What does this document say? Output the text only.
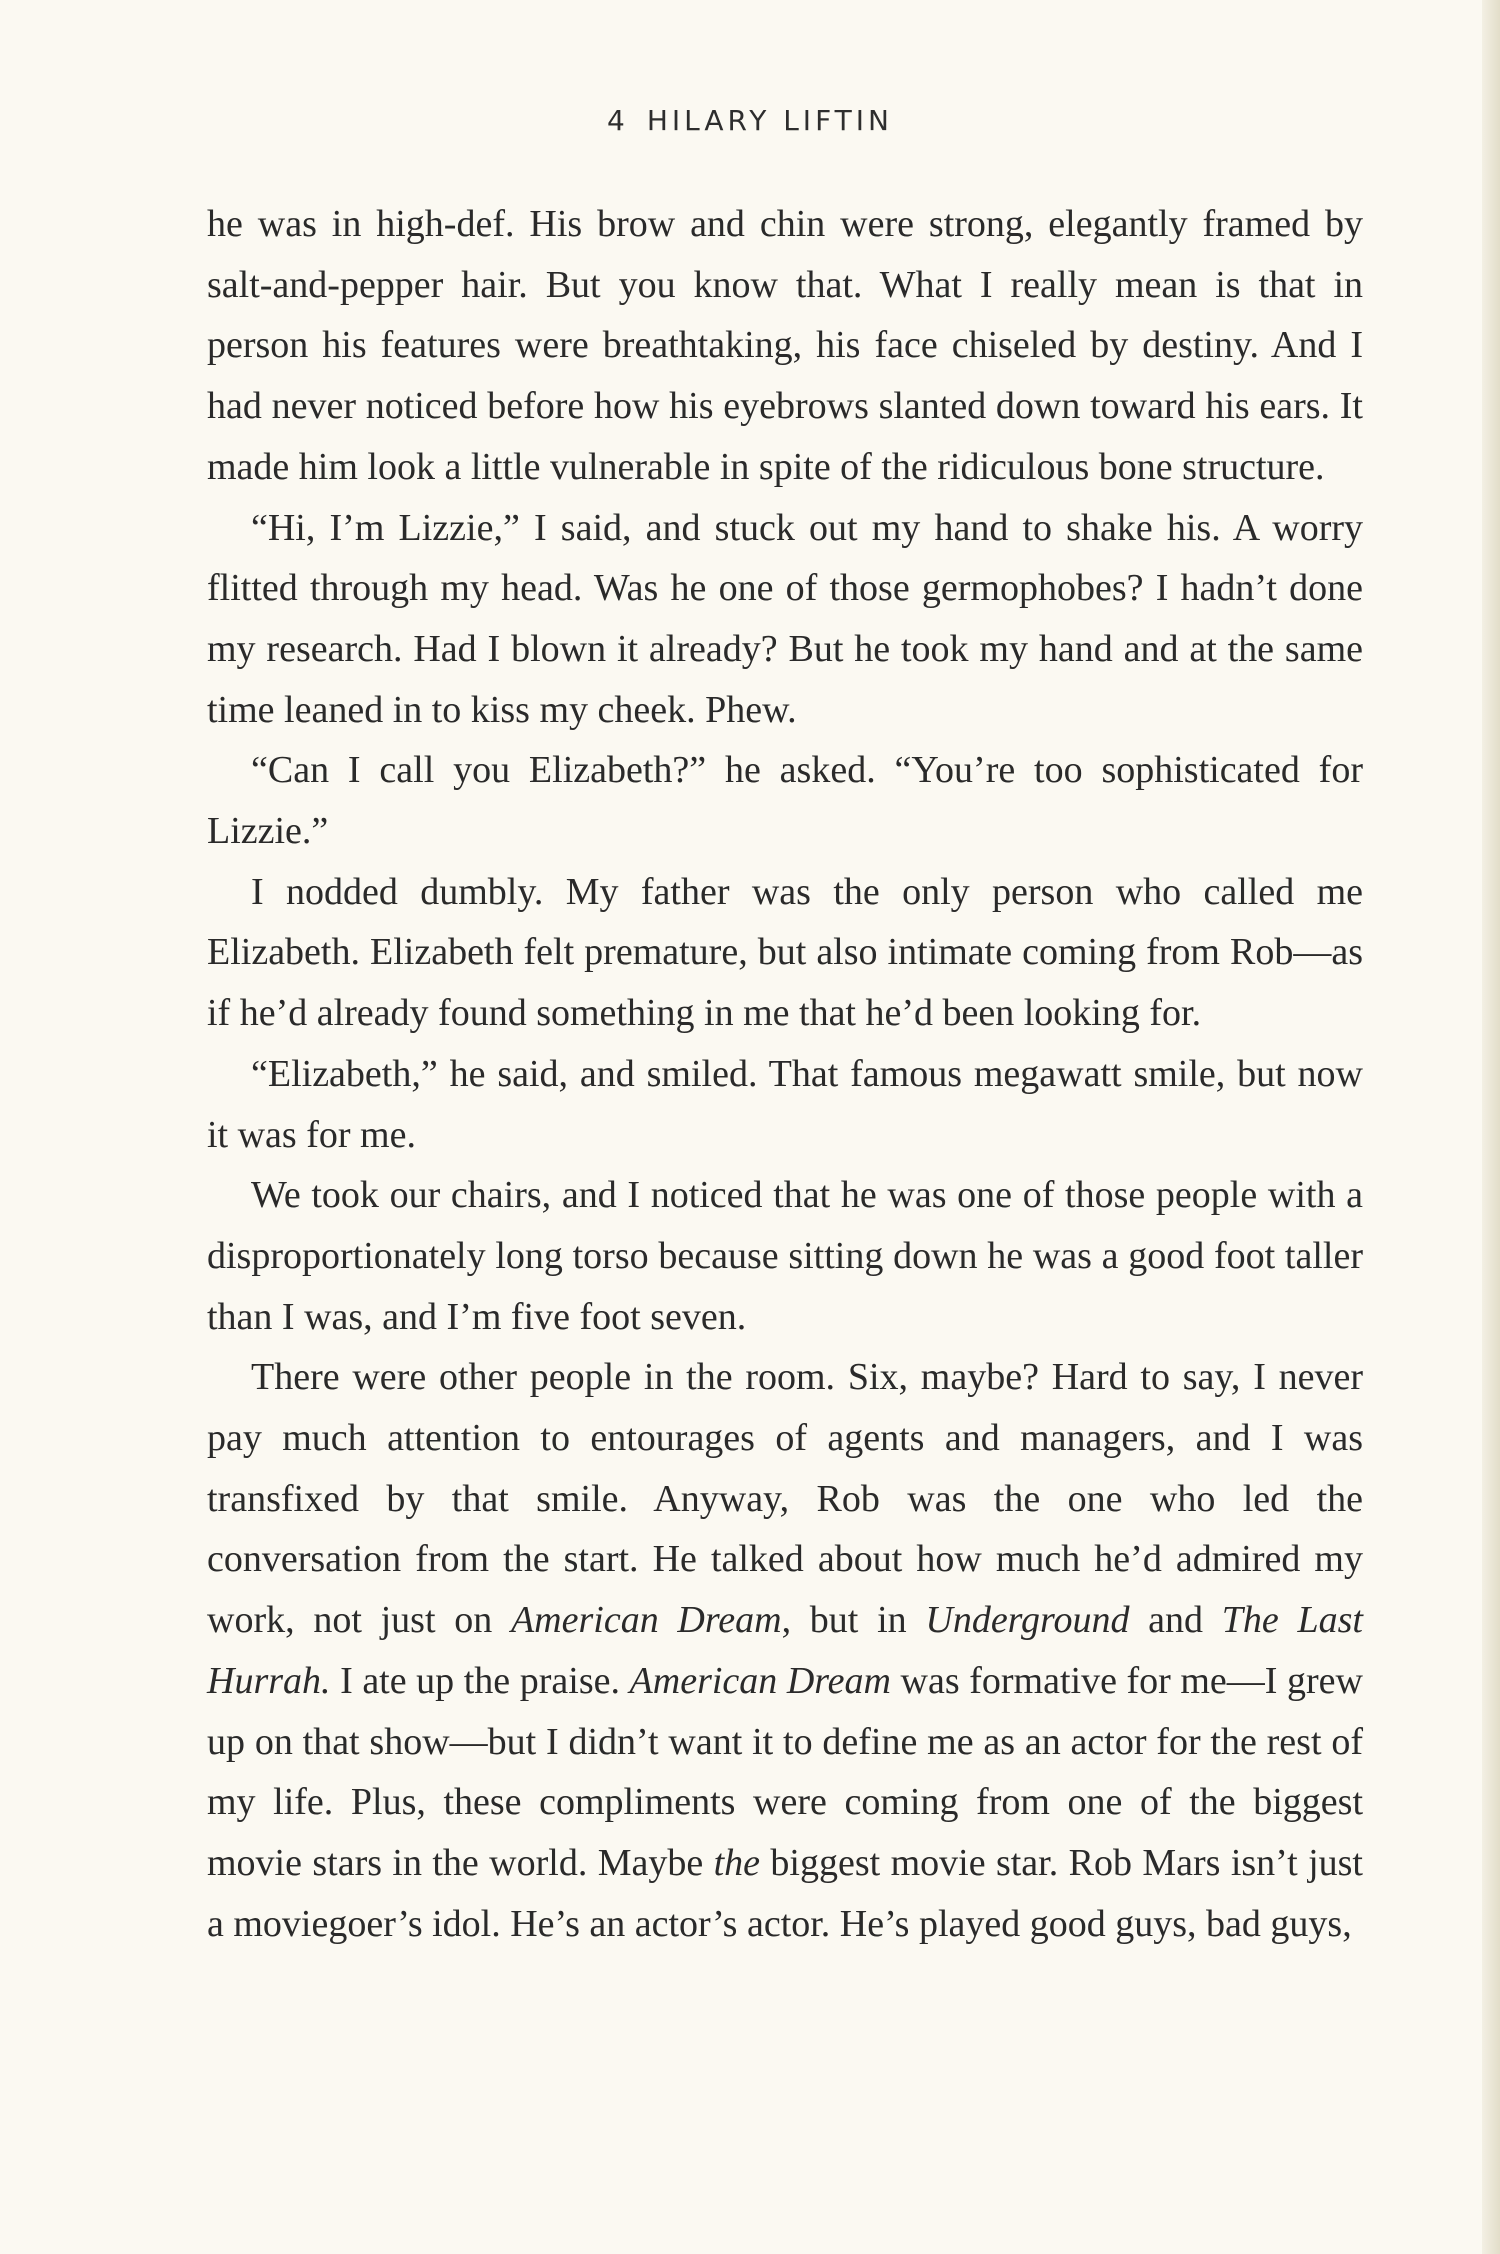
4 HILARY LIFTIN

he was in high-def. His brow and chin were strong, elegantly framed by salt-and-pepper hair. But you know that. What I really mean is that in person his features were breathtaking, his face chiseled by destiny. And I had never noticed before how his eyebrows slanted down toward his ears. It made him look a little vulnerable in spite of the ridiculous bone structure.

“Hi, I’m Lizzie,” I said, and stuck out my hand to shake his. A worry flitted through my head. Was he one of those germophobes? I hadn’t done my research. Had I blown it already? But he took my hand and at the same time leaned in to kiss my cheek. Phew.

“Can I call you Elizabeth?” he asked. “You’re too sophisticated for Lizzie.”

I nodded dumbly. My father was the only person who called me Elizabeth. Elizabeth felt premature, but also intimate coming from Rob—as if he’d already found something in me that he’d been looking for.

“Elizabeth,” he said, and smiled. That famous megawatt smile, but now it was for me.

We took our chairs, and I noticed that he was one of those people with a disproportionately long torso because sitting down he was a good foot taller than I was, and I’m five foot seven.

There were other people in the room. Six, maybe? Hard to say, I never pay much attention to entourages of agents and managers, and I was transfixed by that smile. Anyway, Rob was the one who led the conversation from the start. He talked about how much he’d admired my work, not just on American Dream, but in Underground and The Last Hurrah. I ate up the praise. American Dream was formative for me—I grew up on that show—but I didn’t want it to define me as an actor for the rest of my life. Plus, these compliments were coming from one of the biggest movie stars in the world. Maybe the biggest movie star. Rob Mars isn’t just a moviegoer’s idol. He’s an actor’s actor. He’s played good guys, bad guys,
